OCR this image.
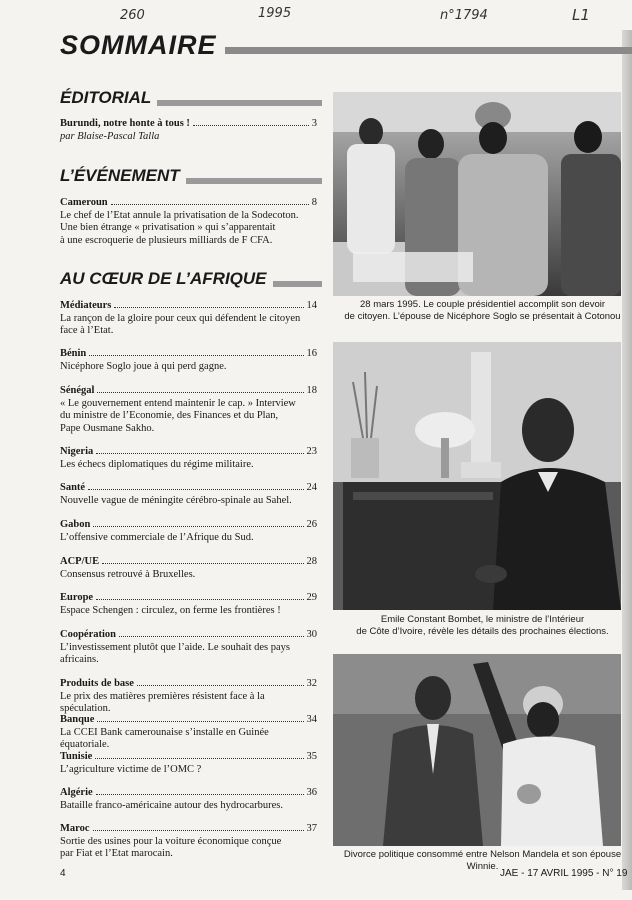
260	1995	n°1794	L1
SOMMAIRE
ÉDITORIAL
Burundi, notre honte à tous !	3
par Blaise-Pascal Talla
L’ÉVÉNEMENT
Cameroun	8
Le chef de l’Etat annule la privatisation de la Sodecoton.
Une bien étrange « privatisation » qui s’apparentait
à une escroquerie de plusieurs milliards de F CFA.
AU CŒUR DE L’AFRIQUE
Médiateurs	14
La rançon de la gloire pour ceux qui défendent le citoyen
face à l’Etat.
Bénin	16
Nicéphore Soglo joue à qui perd gagne.
Sénégal	18
« Le gouvernement entend maintenir le cap. » Interview
du ministre de l’Economie, des Finances et du Plan,
Pape Ousmane Sakho.
Nigeria	23
Les échecs diplomatiques du régime militaire.
Santé	24
Nouvelle vague de méningite cérébro-spinale au Sahel.
Gabon	26
L’offensive commerciale de l’Afrique du Sud.
ACP/UE	28
Consensus retrouvé à Bruxelles.
Europe	29
Espace Schengen : circulez, on ferme les frontières !
Coopération	30
L’investissement plutôt que l’aide. Le souhait des pays
africains.
Produits de base	32
Le prix des matières premières résistent face à la spéculation.
Banque	34
La CCEI Bank camerounaise s’installe en Guinée équatoriale.
Tunisie	35
L’agriculture victime de l’OMC ?
Algérie	36
Bataille franco-américaine autour des hydrocarbures.
Maroc	37
Sortie des usines pour la voiture économique conçue
par Fiat et l’Etat marocain.
28 mars 1995. Le couple présidentiel accomplit son devoir
de citoyen. L’épouse de Nicéphore Soglo se présentait à Cotonou
Emile Constant Bombet, le ministre de l’Intérieur
de Côte d’Ivoire, révèle les détails des prochaines élections.
Divorce politique consommé entre Nelson Mandela et son épouse Winnie.
4	JAE - 17 AVRIL 1995 - N° 19
